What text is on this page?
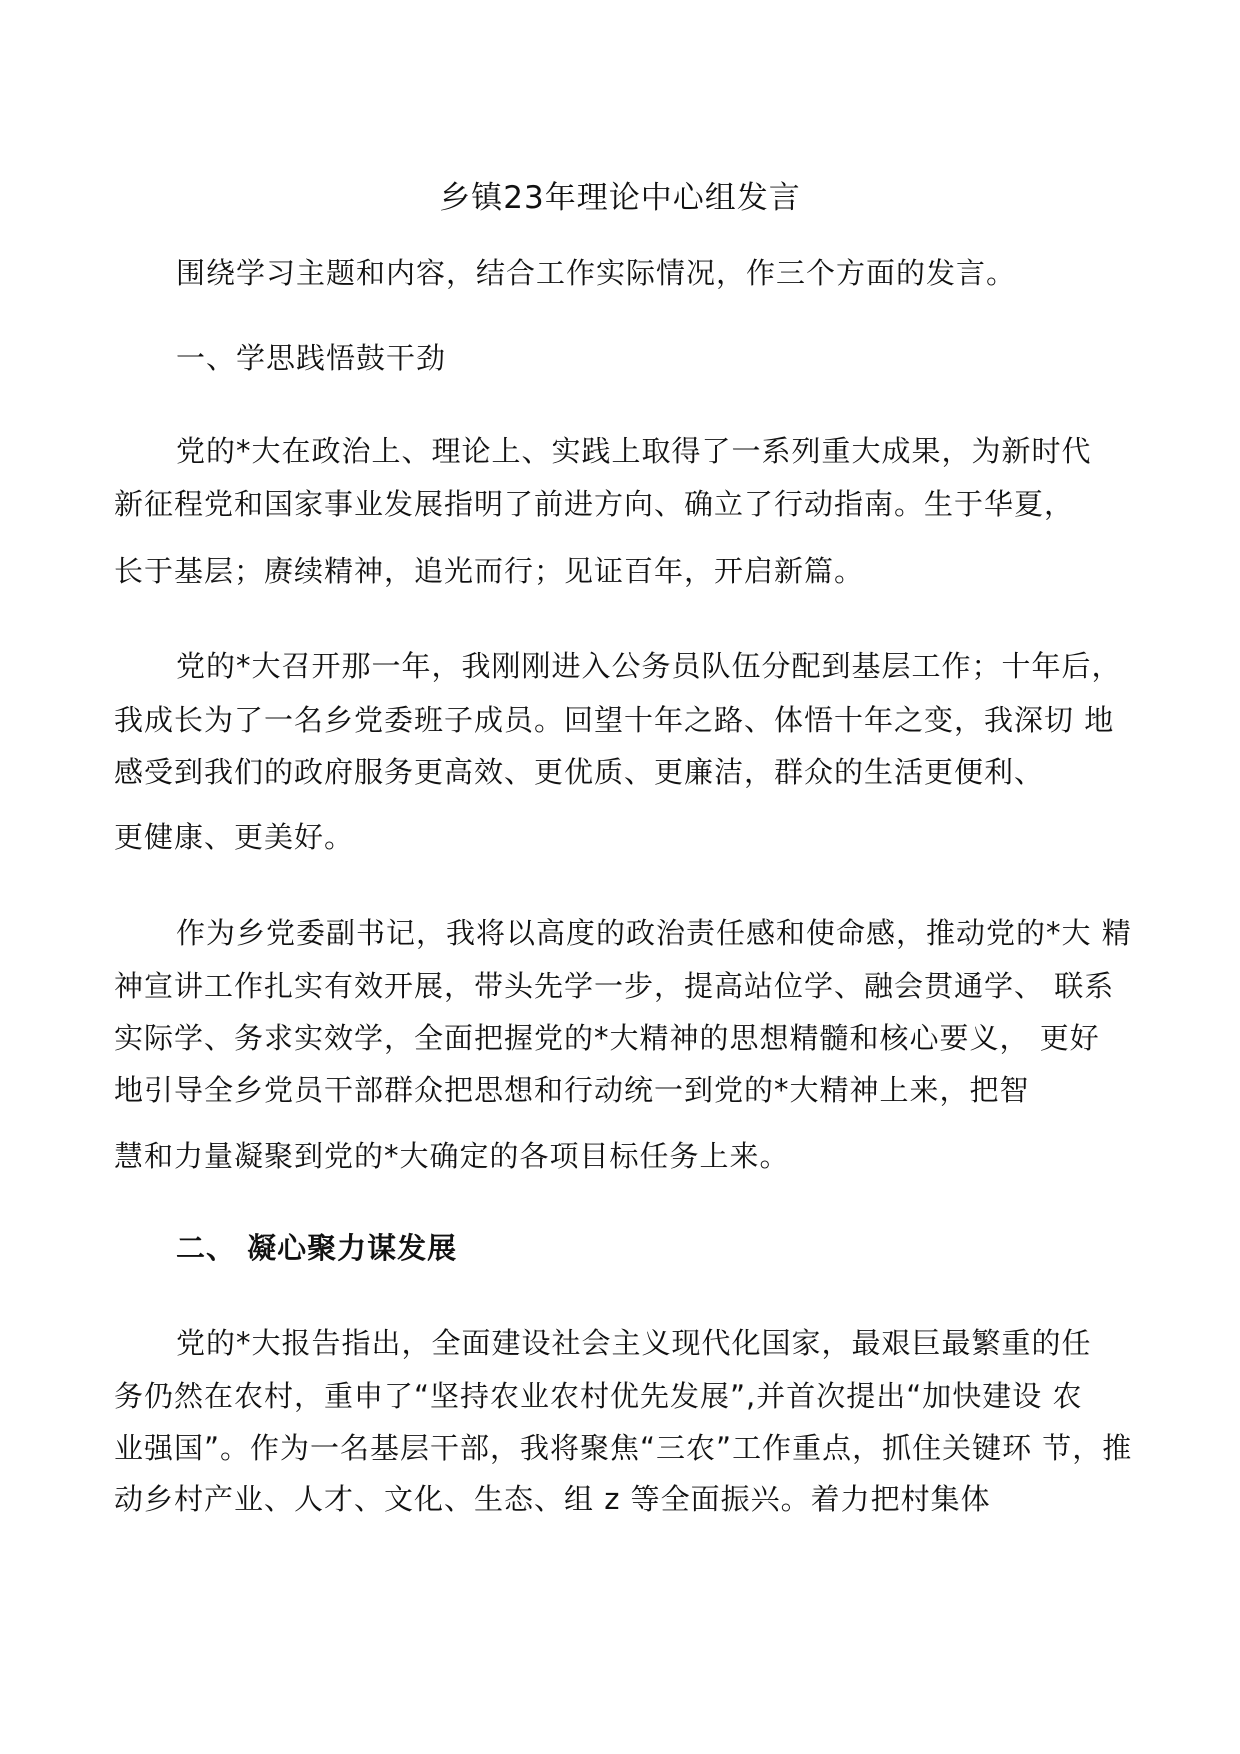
乡镇23年理论中心组发言
围绕学习主题和内容，结合工作实际情况，作三个方面的发言。
一、学思践悟鼓干劲
党的*大在政治上、理论上、实践上取得了一系列重大成果，为新时代
新征程党和国家事业发展指明了前进方向、确立了行动指南。生于华夏，
长于基层；赓续精神，追光而行；见证百年，开启新篇。
党的*大召开那一年，我刚刚进入公务员队伍分配到基层工作；十年后，
我成长为了一名乡党委班子成员。回望十年之路、体悟十年之变，我深切 地
感受到我们的政府服务更高效、更优质、更廉洁，群众的生活更便利、
更健康、更美好。
作为乡党委副书记，我将以高度的政治责任感和使命感，推动党的*大 精
神宣讲工作扎实有效开展，带头先学一步，提高站位学、融会贯通学、 联系
实际学、务求实效学，全面把握党的*大精神的思想精髓和核心要义， 更好
地引导全乡党员干部群众把思想和行动统一到党的*大精神上来，把智
慧和力量凝聚到党的*大确定的各项目标任务上来。
二、 凝心聚力谋发展
党的*大报告指出，全面建设社会主义现代化国家，最艰巨最繁重的任
务仍然在农村，重申了“坚持农业农村优先发展”,并首次提出“加快建设 农
业强国”。作为一名基层干部，我将聚焦“三农”工作重点，抓住关键环 节，推
动乡村产业、人才、文化、生态、组 z 等全面振兴。着力把村集体
